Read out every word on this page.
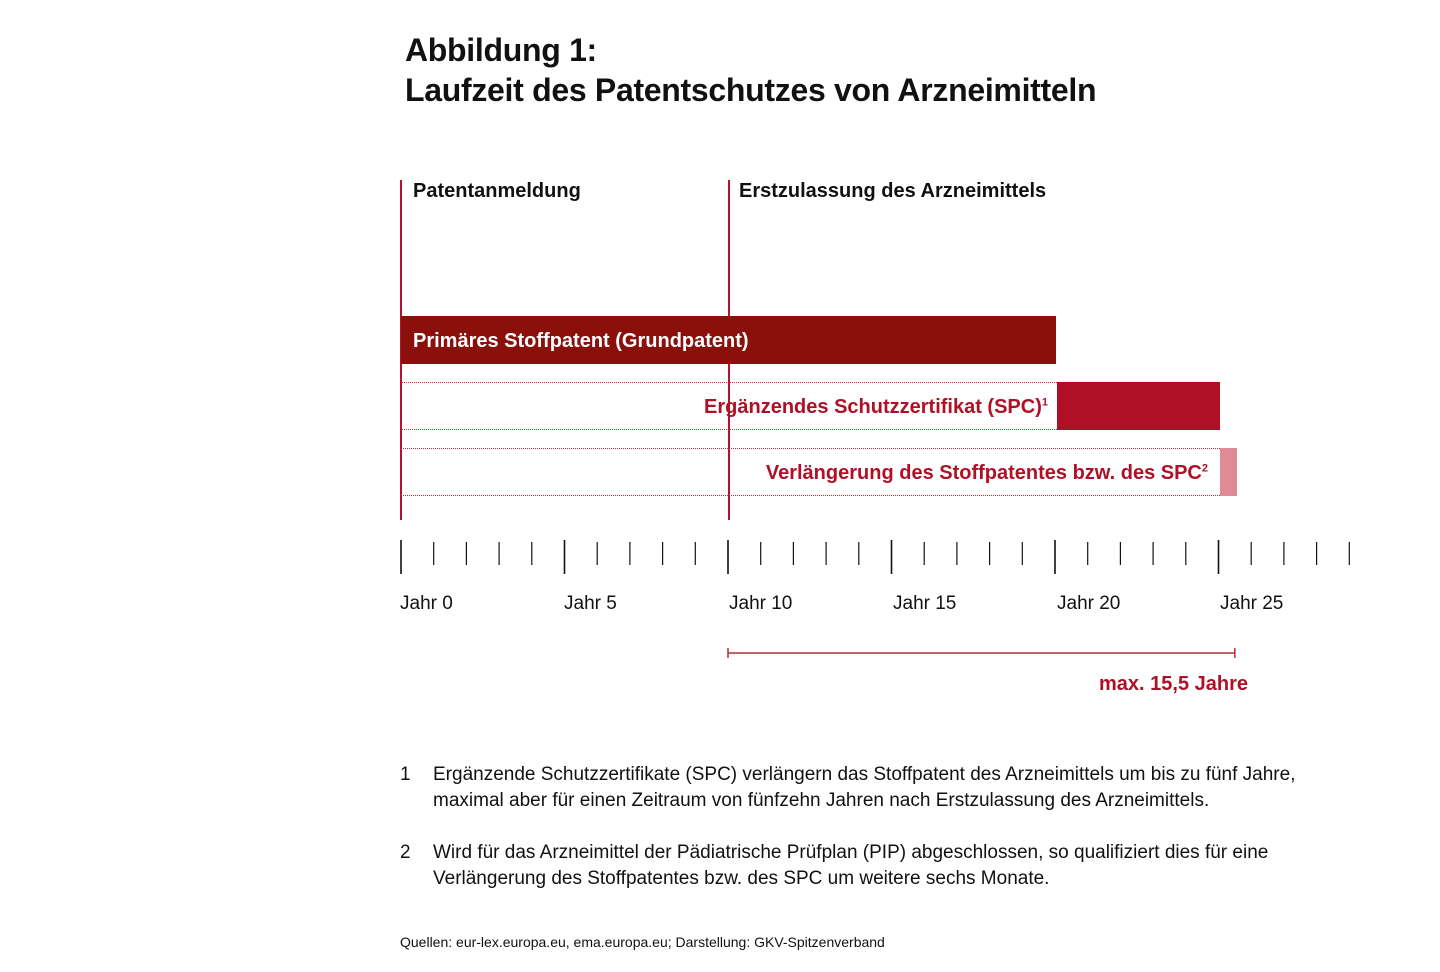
Abbildung 1:
Laufzeit des Patentschutzes von Arzneimitteln
Patentanmeldung	Erstzulassung des Arzneimittels
Primäres Stoffpatent (Grundpatent)
Ergänzendes Schutzzertifikat (SPC)$^1$
Verlängerung des Stoffpatentes bzw. des SPC$^2$
Jahr 0	Jahr 5	Jahr 10	Jahr 15	Jahr 20	Jahr 25
max. 15,5 Jahre
1 Ergänzende Schutzzertifikate (SPC) verlängern das Stoffpatent des Arzneimittels um bis zu fünf Jahre, maximal aber für einen Zeitraum von fünfzehn Jahren nach Erstzulassung des Arzneimittels.
2 Wird für das Arzneimittel der Pädiatrische Prüfplan (PIP) abgeschlossen, so qualifiziert dies für eine Verlängerung des Stoffpatentes bzw. des SPC um weitere sechs Monate.
Quellen: eur-lex.europa.eu, ema.europa.eu; Darstellung: GKV-Spitzenverband
